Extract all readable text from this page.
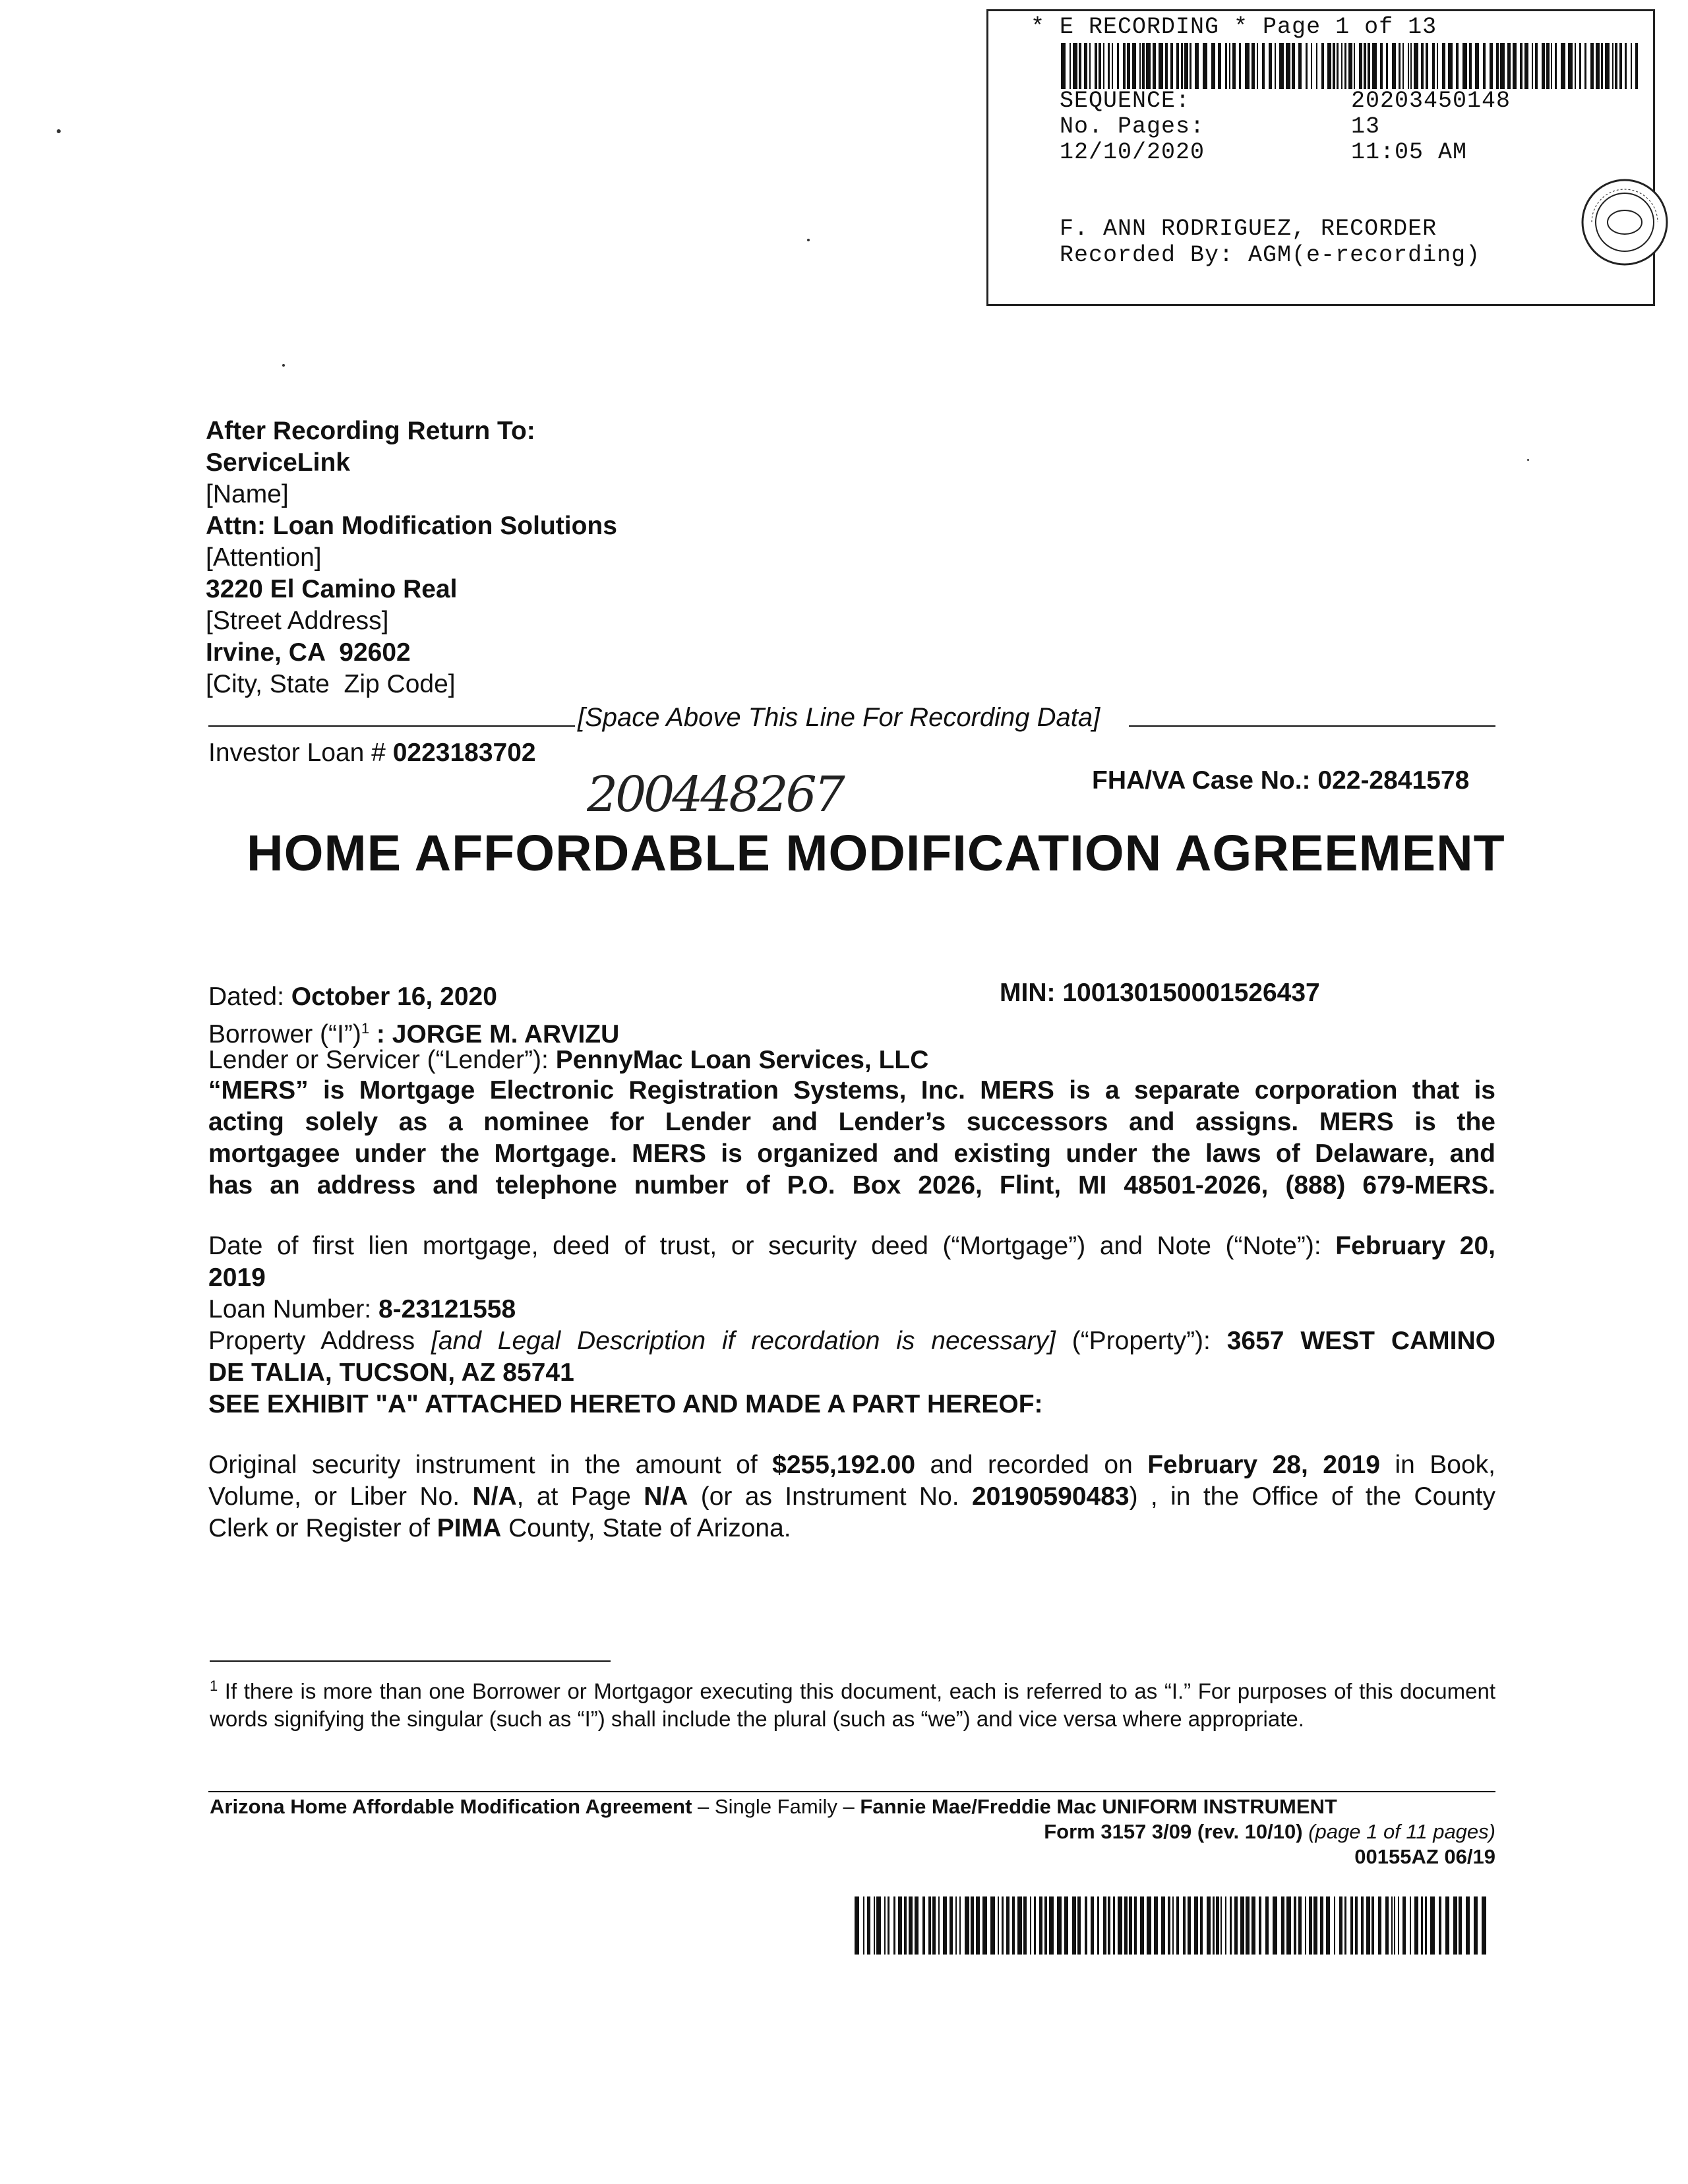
* E RECORDING * Page 1 of 13
SEQUENCE:	20203450148
No. Pages:	13
12/10/2020	11:05 AM
F. ANN RODRIGUEZ, RECORDER
Recorded By: AGM(e-recording)
After Recording Return To:
ServiceLink
[Name]
Attn: Loan Modification Solutions
[Attention]
3220 El Camino Real
[Street Address]
Irvine, CA  92602
[City, State  Zip Code]
[Space Above This Line For Recording Data]
Investor Loan # 0223183702
200448267	FHA/VA Case No.: 022-2841578
HOME AFFORDABLE MODIFICATION AGREEMENT
Dated: October 16, 2020	MIN: 100130150001526437
Borrower (“I”)$^1$ : JORGE M. ARVIZU
Lender or Servicer (“Lender”): PennyMac Loan Services, LLC
“MERS” is Mortgage Electronic Registration Systems, Inc. MERS is a separate corporation that is
acting solely as a nominee for Lender and Lender’s successors and assigns. MERS is the
mortgagee under the Mortgage. MERS is organized and existing under the laws of Delaware, and
has an address and telephone number of P.O. Box 2026, Flint, MI 48501-2026, (888) 679-MERS.
Date of first lien mortgage, deed of trust, or security deed (“Mortgage”) and Note (“Note”): February 20,
2019
Loan Number: 8-23121558
Property Address [and Legal Description if recordation is necessary] (“Property”): 3657 WEST CAMINO
DE TALIA, TUCSON, AZ 85741
SEE EXHIBIT "A" ATTACHED HERETO AND MADE A PART HEREOF:
Original security instrument in the amount of $255,192.00 and recorded on February 28, 2019 in Book,
Volume, or Liber No. N/A, at Page N/A (or as Instrument No. 20190590483) , in the Office of the County
Clerk or Register of PIMA County, State of Arizona.
$^1$ If there is more than one Borrower or Mortgagor executing this document, each is referred to as “I.” For purposes of this document words signifying the singular (such as “I”) shall include the plural (such as “we”) and vice versa where appropriate.
Arizona Home Affordable Modification Agreement – Single Family – Fannie Mae/Freddie Mac UNIFORM INSTRUMENT
Form 3157 3/09 (rev. 10/10) (page 1 of 11 pages)
00155AZ 06/19
